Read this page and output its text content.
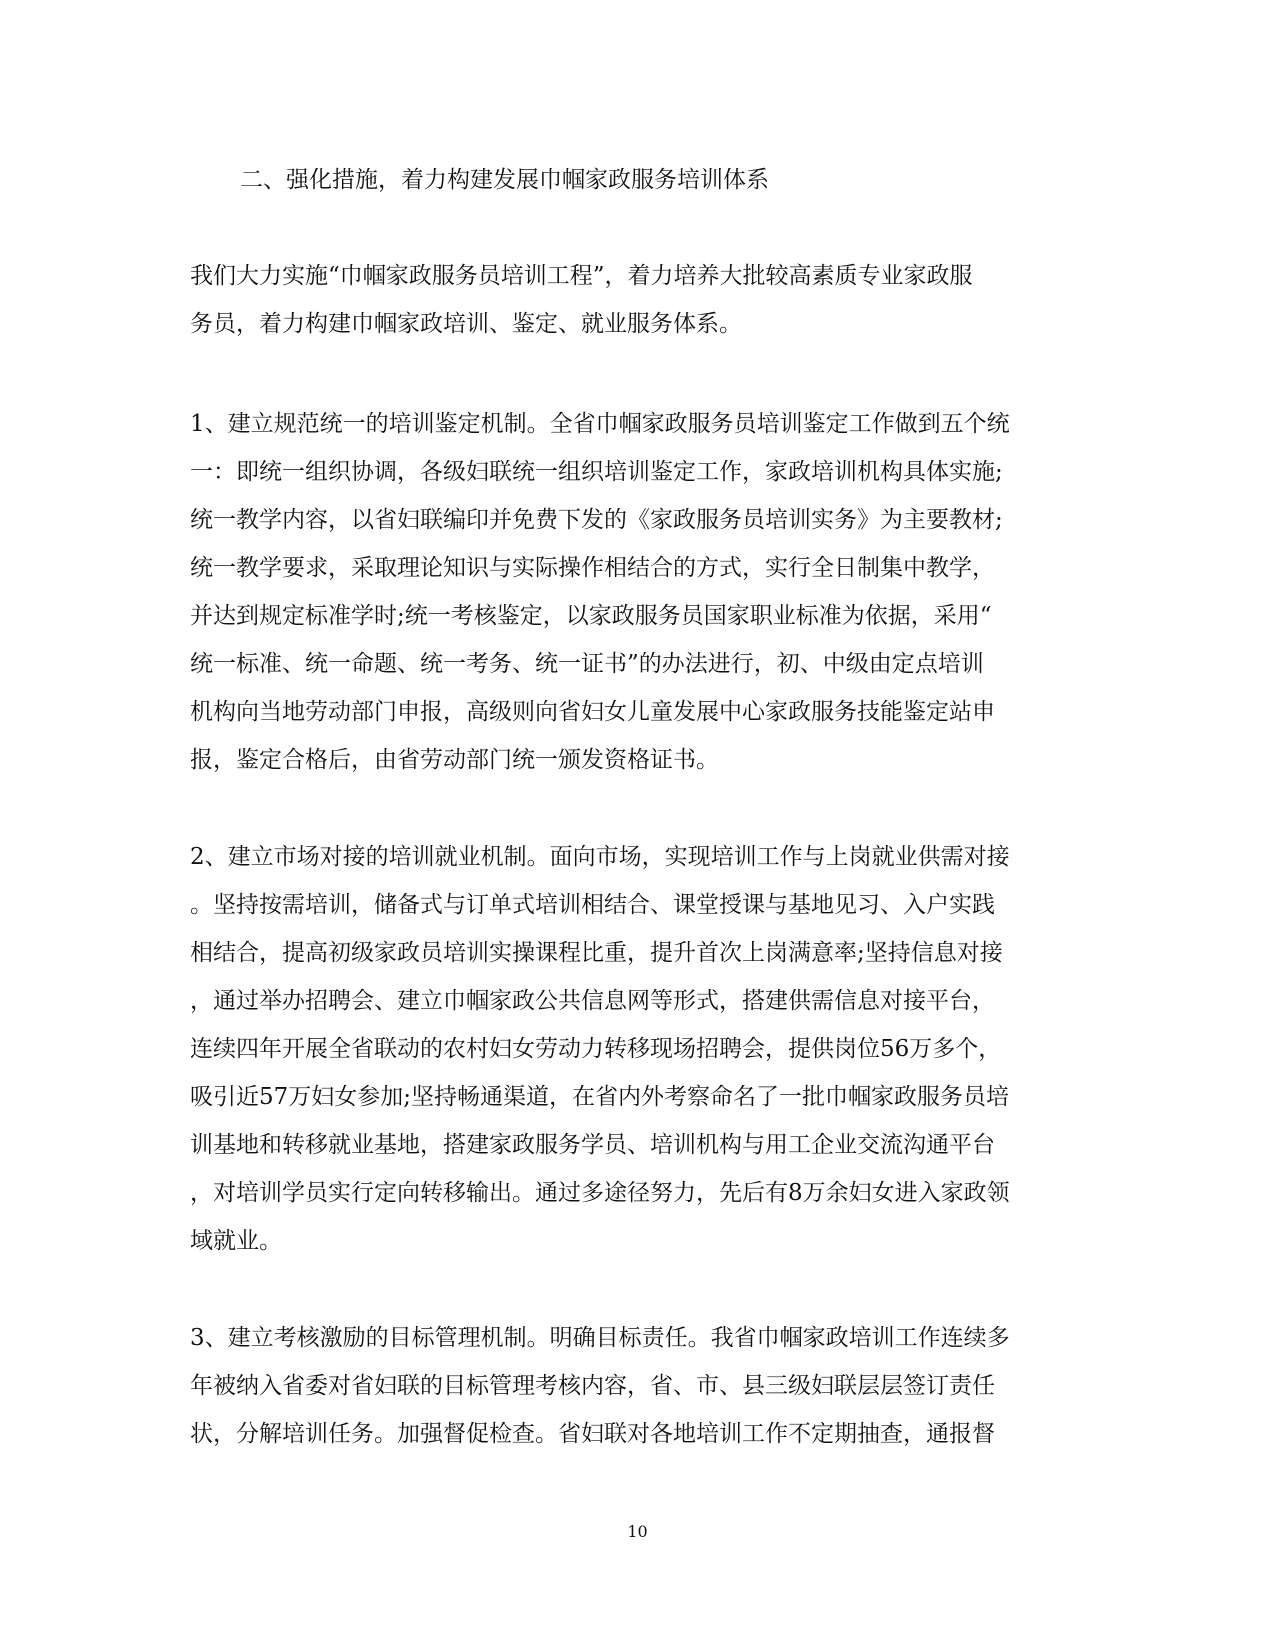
二、强化措施，着力构建发展巾帼家政服务培训体系
我们大力实施“巾帼家政服务员培训工程”，着力培养大批较高素质专业家政服
务员，着力构建巾帼家政培训、鉴定、就业服务体系。
1、建立规范统一的培训鉴定机制。全省巾帼家政服务员培训鉴定工作做到五个统
一：即统一组织协调，各级妇联统一组织培训鉴定工作，家政培训机构具体实施;
统一教学内容，以省妇联编印并免费下发的《家政服务员培训实务》为主要教材;
统一教学要求，采取理论知识与实际操作相结合的方式，实行全日制集中教学，
并达到规定标准学时;统一考核鉴定，以家政服务员国家职业标准为依据，采用“
统一标准、统一命题、统一考务、统一证书”的办法进行，初、中级由定点培训
机构向当地劳动部门申报，高级则向省妇女儿童发展中心家政服务技能鉴定站申
报，鉴定合格后，由省劳动部门统一颁发资格证书。
2、建立市场对接的培训就业机制。面向市场，实现培训工作与上岗就业供需对接
。坚持按需培训，储备式与订单式培训相结合、课堂授课与基地见习、入户实践
相结合，提高初级家政员培训实操课程比重，提升首次上岗满意率;坚持信息对接
，通过举办招聘会、建立巾帼家政公共信息网等形式，搭建供需信息对接平台，
连续四年开展全省联动的农村妇女劳动力转移现场招聘会，提供岗位56万多个，
吸引近57万妇女参加;坚持畅通渠道，在省内外考察命名了一批巾帼家政服务员培
训基地和转移就业基地，搭建家政服务学员、培训机构与用工企业交流沟通平台
，对培训学员实行定向转移输出。通过多途径努力，先后有8万余妇女进入家政领
域就业。
3、建立考核激励的目标管理机制。明确目标责任。我省巾帼家政培训工作连续多
年被纳入省委对省妇联的目标管理考核内容，省、市、县三级妇联层层签订责任
状，分解培训任务。加强督促检查。省妇联对各地培训工作不定期抽查，通报督
10
